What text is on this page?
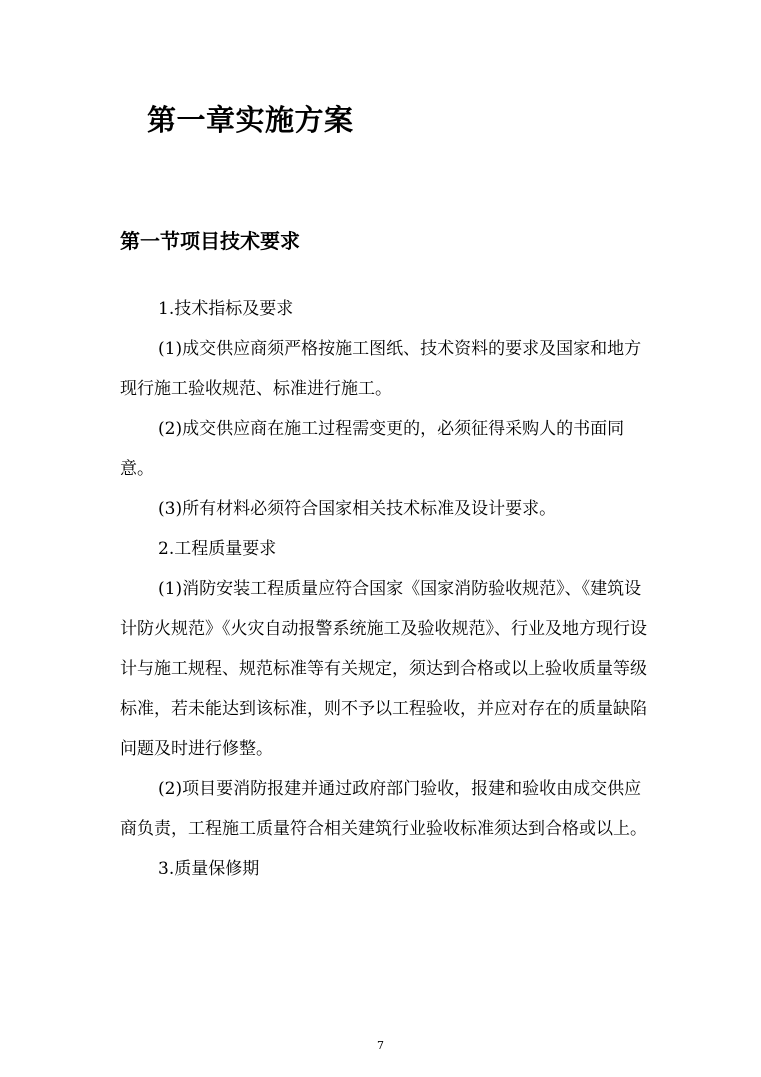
第一章实施方案
第一节项目技术要求

1.技术指标及要求

(1)成交供应商须严格按施工图纸、技术资料的要求及国家和地方现行施工验收规范、标准进行施工。

(2)成交供应商在施工过程需变更的，必须征得采购人的书面同意。

(3)所有材料必须符合国家相关技术标准及设计要求。

2.工程质量要求

(1)消防安装工程质量应符合国家《国家消防验收规范》、《建筑设计防火规范》《火灾自动报警系统施工及验收规范》、行业及地方现行设计与施工规程、规范标准等有关规定，须达到合格或以上验收质量等级标准，若未能达到该标准，则不予以工程验收，并应对存在的质量缺陷问题及时进行修整。

(2)项目要消防报建并通过政府部门验收，报建和验收由成交供应商负责，工程施工质量符合相关建筑行业验收标准须达到合格或以上。

3.质量保修期

7
